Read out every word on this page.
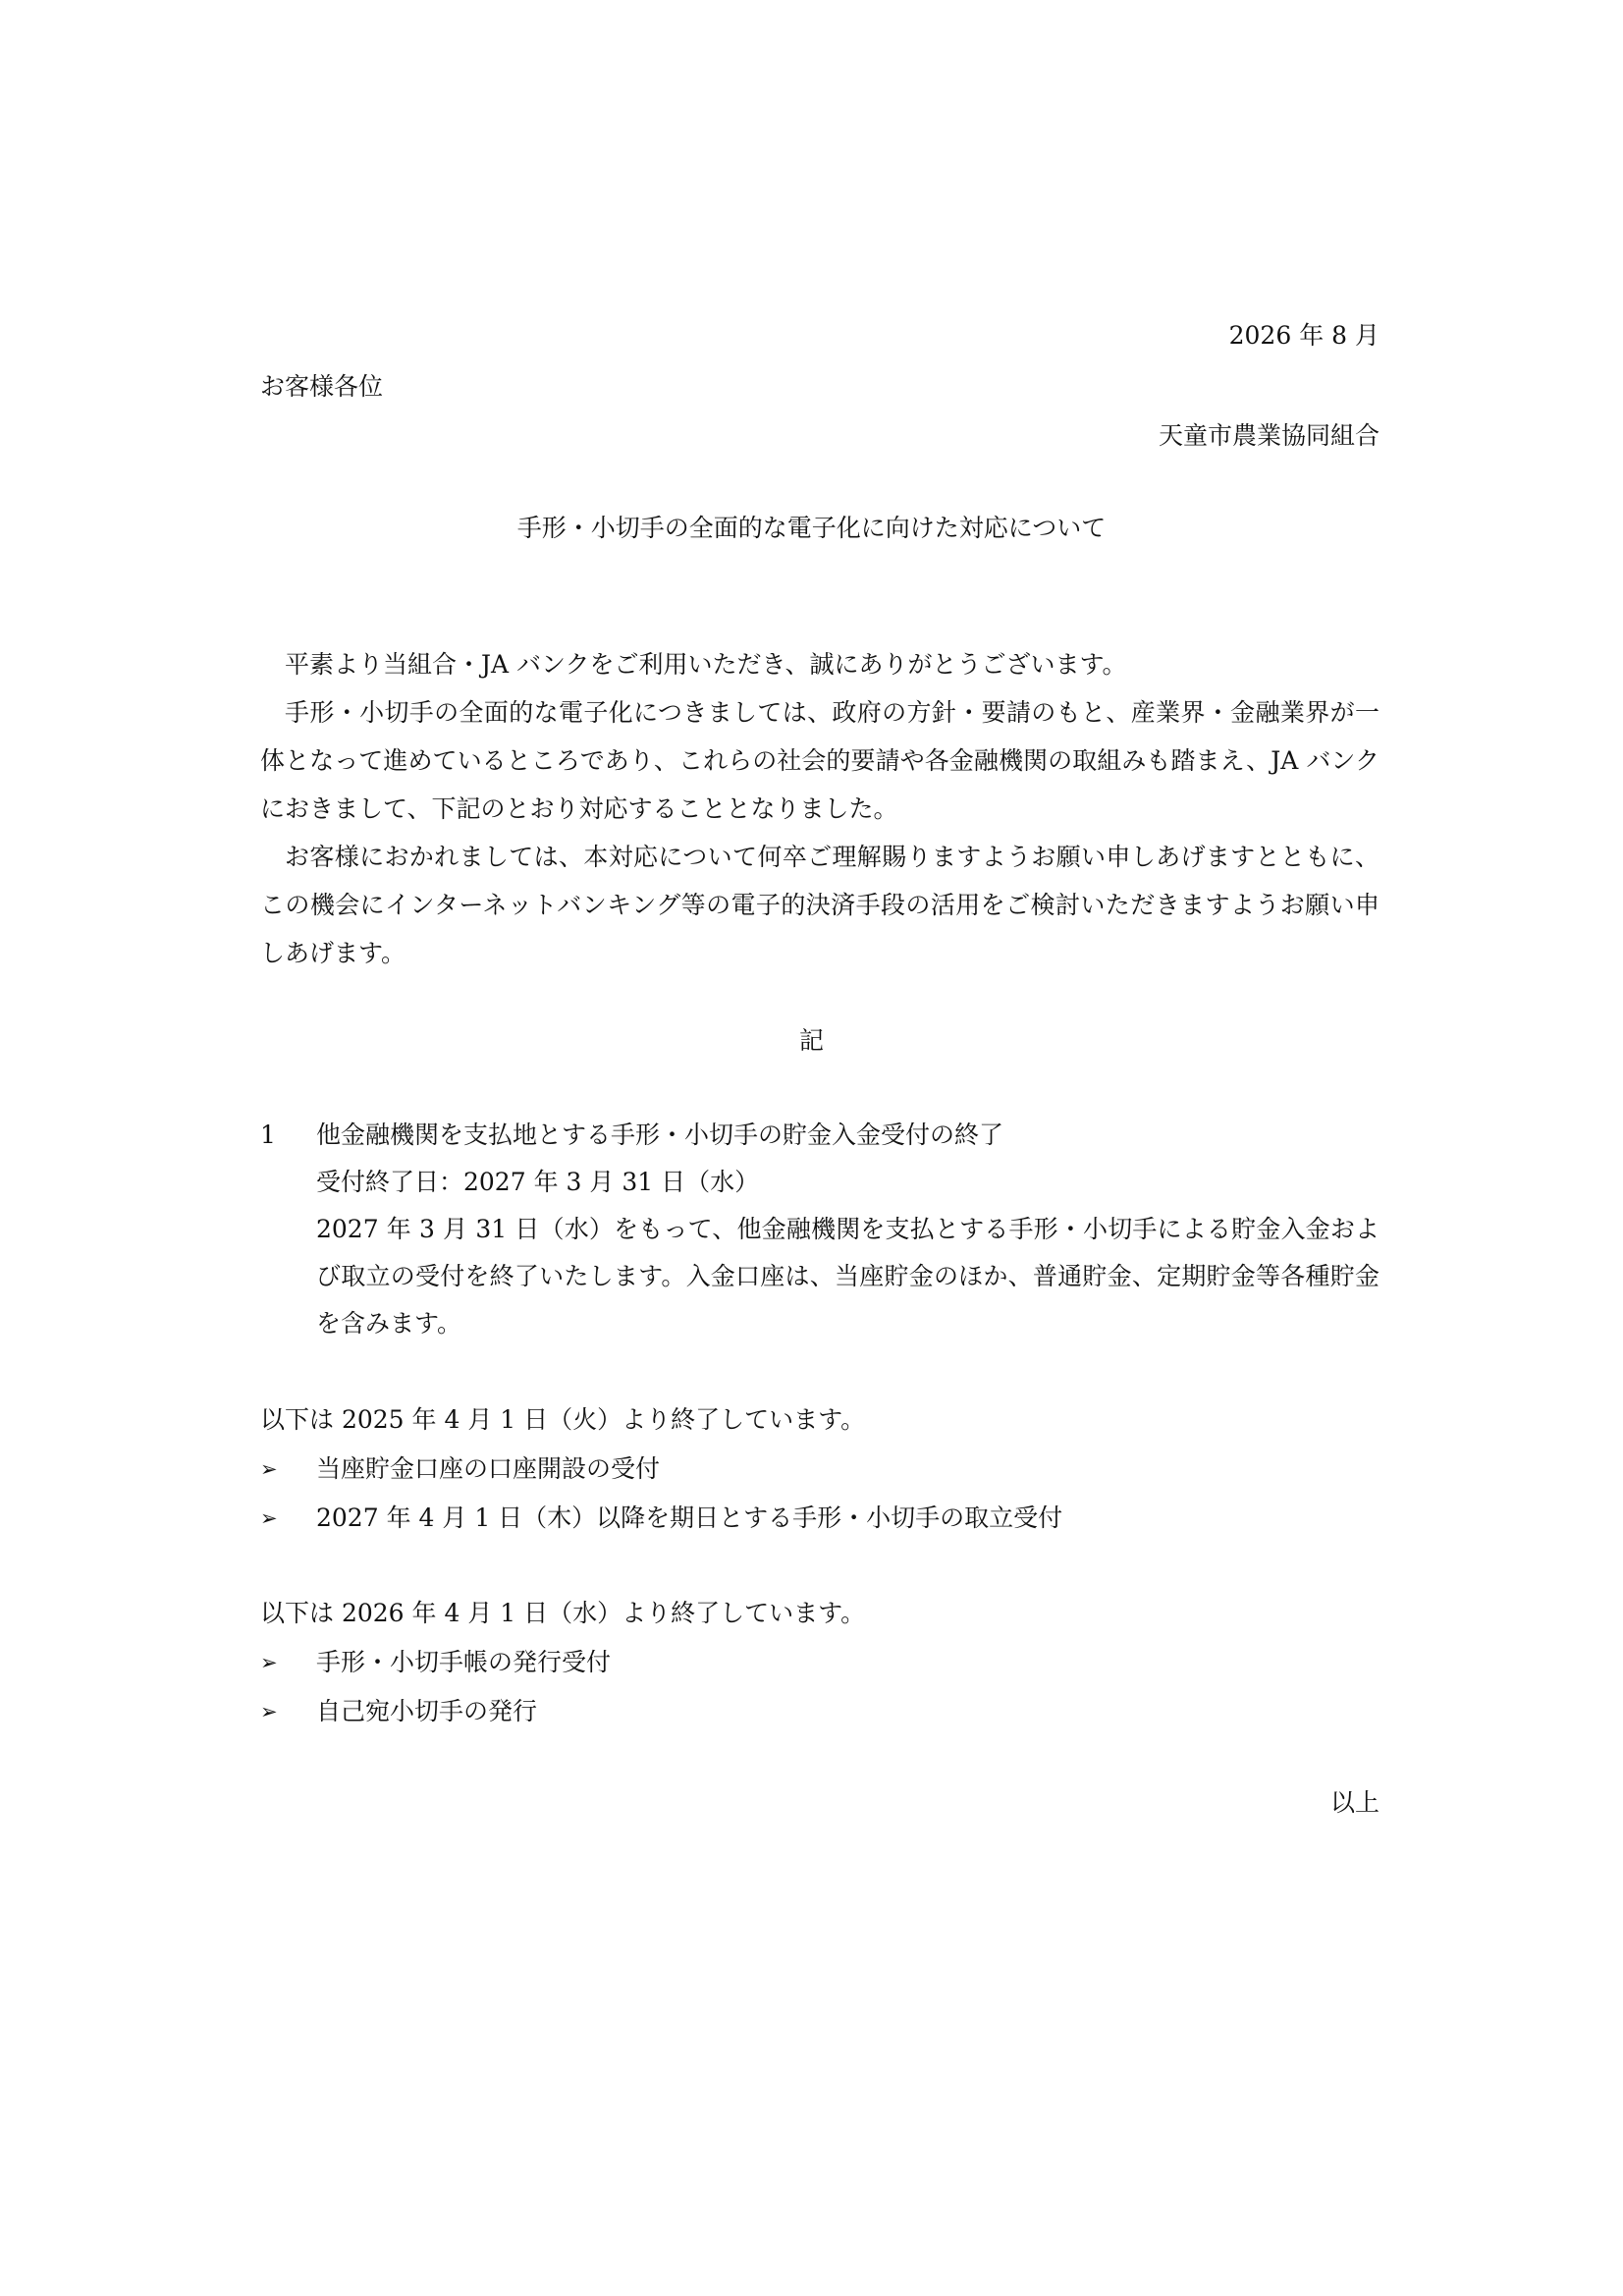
2026 年 8 月
お客様各位
天童市農業協同組合
手形・小切手の全面的な電子化に向けた対応について

平素より当組合・JA バンクをご利用いただき、誠にありがとうございます。

手形・小切手の全面的な電子化につきましては、政府の方針・要請のもと、産業界・金融業界が一体となって進めているところであり、これらの社会的要請や各金融機関の取組みも踏まえ、JA バンクにおきまして、下記のとおり対応することとなりました。

お客様におかれましては、本対応について何卒ご理解賜りますようお願い申しあげますとともに、この機会にインターネットバンキング等の電子的決済手段の活用をご検討いただきますようお願い申しあげます。

記
1	他金融機関を支払地とする手形・小切手の貯金入金受付の終了
受付終了日：2027 年 3 月 31 日（水）
2027 年 3 月 31 日（水）をもって、他金融機関を支払とする手形・小切手による貯金入金および取立の受付を終了いたします。入金口座は、当座貯金のほか、普通貯金、定期貯金等各種貯金を含みます。
以下は 2025 年 4 月 1 日（火）より終了しています。
➢	当座貯金口座の口座開設の受付
➢	2027 年 4 月 1 日（木）以降を期日とする手形・小切手の取立受付
以下は 2026 年 4 月 1 日（水）より終了しています。
➢	手形・小切手帳の発行受付
➢	自己宛小切手の発行
以上
